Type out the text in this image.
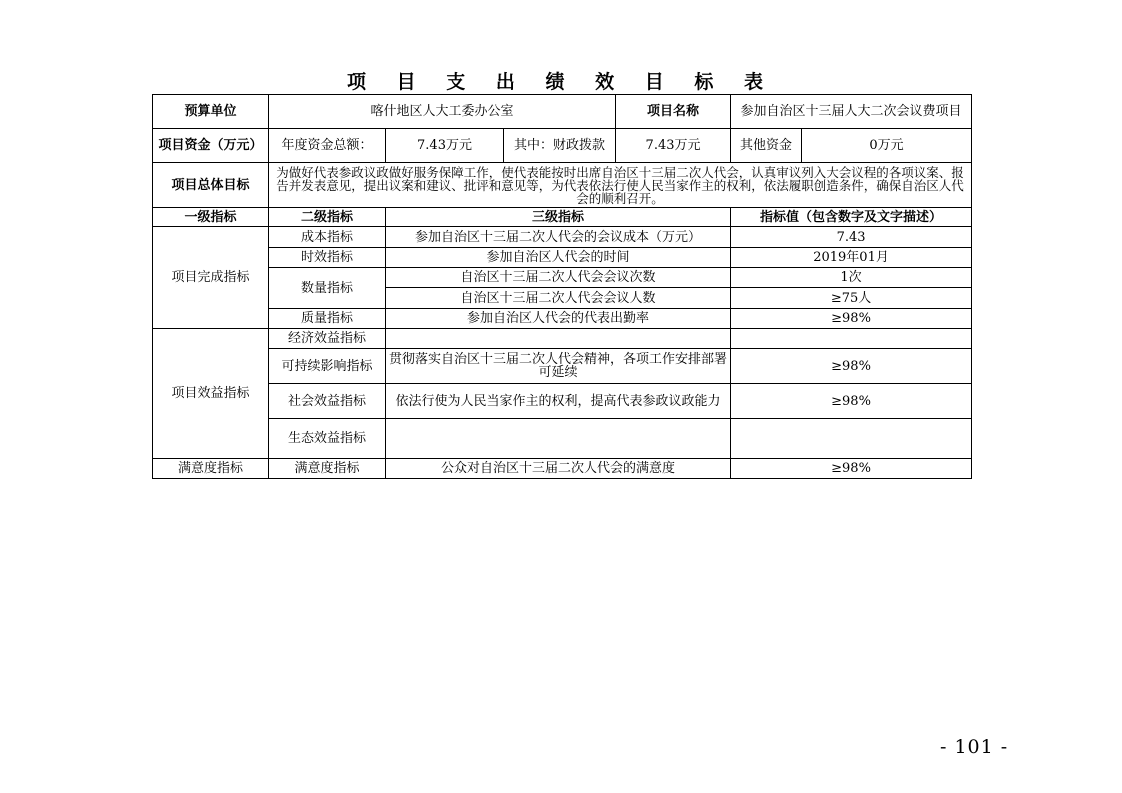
项 目 支 出 绩 效 目 标 表
预算单位	喀什地区人大工委办公室			项目名称	参加自治区十三届人大二次会议费项目	
项目资金（万元）	年度资金总额：	7.43万元	其中：财政拨款	7.43万元	其他资金	0万元
项目总体目标	为做好代表参政议政做好服务保障工作，使代表能按时出席自治区十三届二次人代会，认真审议列入大会议程的各项议案、报告并发表意见，提出议案和建议、批评和意见等，为代表依法行使人民当家作主的权利，依法履职创造条件，确保自治区人代会的顺利召开。					
一级指标	二级指标	三级指标			指标值（包含数字及文字描述）	
项目完成指标	成本指标	参加自治区十三届二次人代会的会议成本（万元）			7.43	
	时效指标	参加自治区人代会的时间			2019年01月	
	数量指标	自治区十三届二次人代会会议次数			1次	
		自治区十三届二次人代会会议人数			≥75人	
	质量指标	参加自治区人代会的代表出勤率			≥98%	
项目效益指标	经济效益指标					
	可持续影响指标	贯彻落实自治区十三届二次人代会精神，各项工作安排部署可延续			≥98%	
	社会效益指标	依法行使为人民当家作主的权利，提高代表参政议政能力			≥98%	
	生态效益指标					
满意度指标	满意度指标	公众对自治区十三届二次人代会的满意度			≥98%	
- 101 -
